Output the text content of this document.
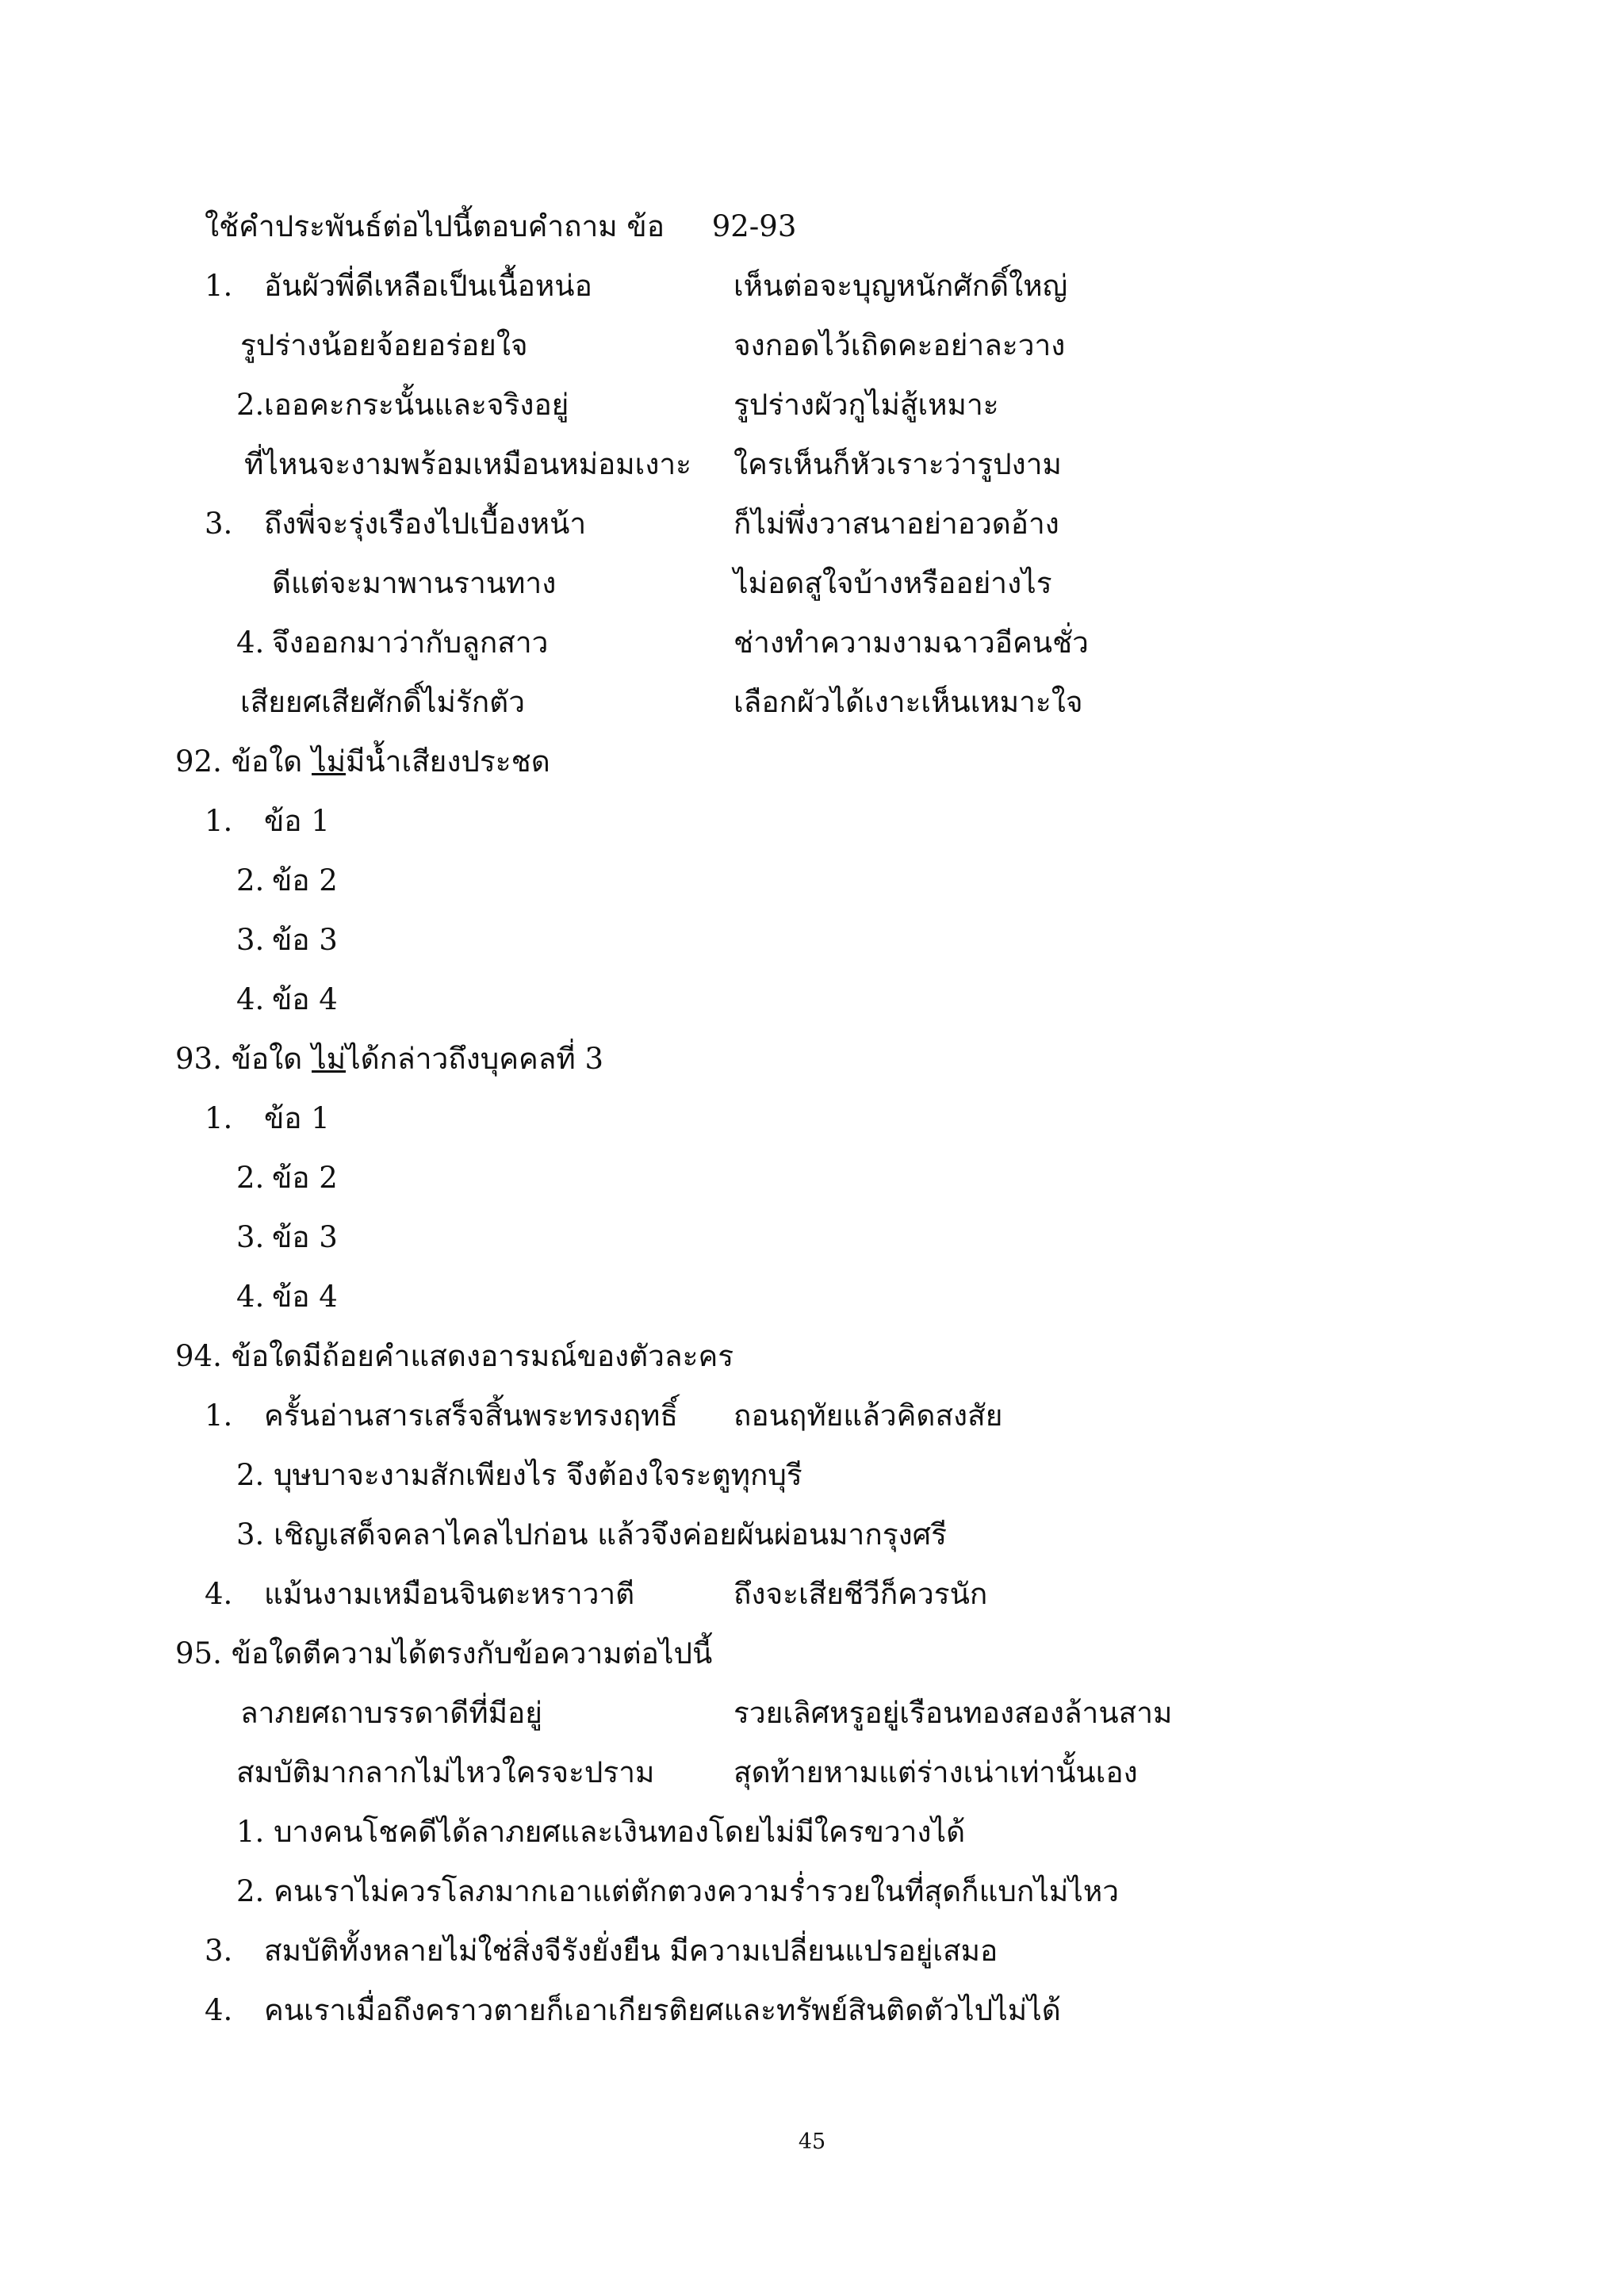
ใช้คำประพันธ์ต่อไปนี้ตอบคำถาม ข้อ 92-93
1. อันผัวพี่ดีเหลือเป็นเนื้อหน่อ	เห็นต่อจะบุญหนักศักดิ์ใหญ่
รูปร่างน้อยจ้อยอร่อยใจ	จงกอดไว้เถิดคะอย่าละวาง
2. เออคะกระนั้นและจริงอยู่	รูปร่างผัวกูไม่สู้เหมาะ
ที่ไหนจะงามพร้อมเหมือนหม่อมเงาะ ใครเห็นก็หัวเราะว่ารูปงาม
3. ถึงพี่จะรุ่งเรืองไปเบื้องหน้า	ก็ไม่พึ่งวาสนาอย่าอวดอ้าง
ดีแต่จะมาพานรานทาง	ไม่อดสูใจบ้างหรืออย่างไร
4. จึงออกมาว่ากับลูกสาว	ช่างทำความงามฉาวอีคนชั่ว
เสียยศเสียศักดิ์ไม่รักตัว	เลือกผัวได้เงาะเห็นเหมาะใจ
92. ข้อใด ไม่มีน้ำเสียงประชด
1. ข้อ 1
2. ข้อ 2
3. ข้อ 3
4. ข้อ 4
93. ข้อใด ไม่ได้กล่าวถึงบุคคลที่ 3
1. ข้อ 1
2. ข้อ 2
3. ข้อ 3
4. ข้อ 4
94. ข้อใดมีถ้อยคำแสดงอารมณ์ของตัวละคร
1. ครั้นอ่านสารเสร็จสิ้นพระทรงฤทธิ์ ถอนฤทัยแล้วคิดสงสัย
2. บุษบาจะงามสักเพียงไร จึงต้องใจระตูทุกบุรี
3. เชิญเสด็จคลาไคลไปก่อน แล้วจึงค่อยผันผ่อนมากรุงศรี
4. แม้นงามเหมือนจินตะหราวาตี	ถึงจะเสียชีวีก็ควรนัก
95. ข้อใดตีความได้ตรงกับข้อความต่อไปนี้
ลาภยศถาบรรดาดีที่มีอยู่	รวยเลิศหรูอยู่เรือนทองสองล้านสาม
สมบัติมากลากไม่ไหวใครจะปราม	สุดท้ายหามแต่ร่างเน่าเท่านั้นเอง
1. บางคนโชคดีได้ลาภยศและเงินทองโดยไม่มีใครขวางได้
2. คนเราไม่ควรโลภมากเอาแต่ตักตวงความร่ำรวยในที่สุดก็แบกไม่ไหว
3. สมบัติทั้งหลายไม่ใช่สิ่งจีรังยั่งยืน มีความเปลี่ยนแปรอยู่เสมอ
4. คนเราเมื่อถึงคราวตายก็เอาเกียรติยศและทรัพย์สินติดตัวไปไม่ได้
45
